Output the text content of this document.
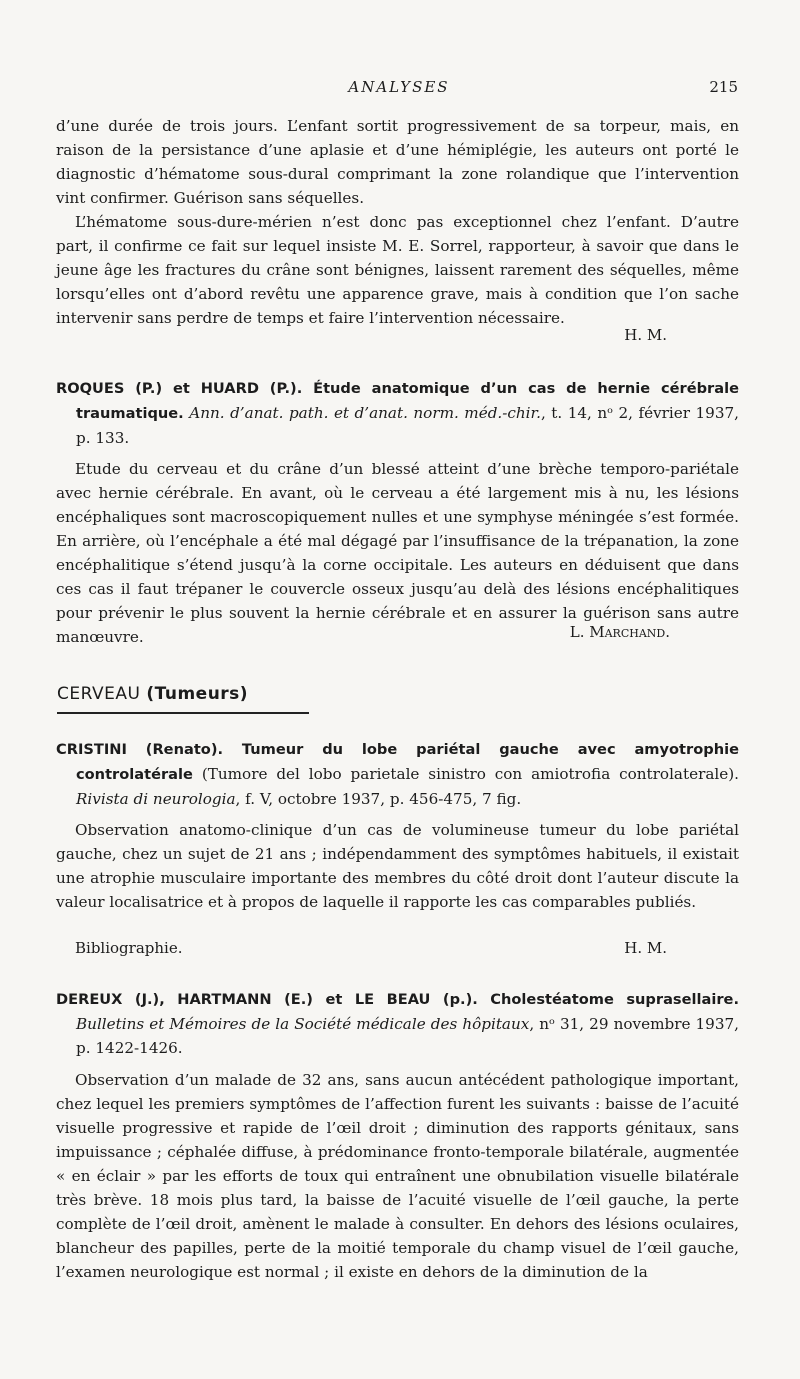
ANALYSES	215

d’une durée de trois jours. L’enfant sortit progressivement de sa torpeur, mais, en raison de la persistance d’une aplasie et d’une hémiplégie, les auteurs ont porté le diagnostic d’hématome sous-dural comprimant la zone rolandique que l’intervention vint confirmer. Guérison sans séquelles.

L’hématome sous-dure-mérien n’est donc pas exceptionnel chez l’enfant. D’autre part, il confirme ce fait sur lequel insiste M. E. Sorrel, rapporteur, à savoir que dans le jeune âge les fractures du crâne sont bénignes, laissent rarement des séquelles, même lorsqu’elles ont d’abord revêtu une apparence grave, mais à condition que l’on sache intervenir sans perdre de temps et faire l’intervention nécessaire.

H. M.

ROQUES (P.) et HUARD (P.). Étude anatomique d’un cas de hernie cérébrale traumatique. Ann. d’anat. path. et d’anat. norm. méd.-chir., t. 14, nᵒ 2, février 1937, p. 133.

Etude du cerveau et du crâne d’un blessé atteint d’une brèche temporo-pariétale avec hernie cérébrale. En avant, où le cerveau a été largement mis à nu, les lésions encéphaliques sont macroscopiquement nulles et une symphyse méningée s’est formée. En arrière, où l’encéphale a été mal dégagé par l’insuffisance de la trépanation, la zone encéphalitique s’étend jusqu’à la corne occipitale. Les auteurs en déduisent que dans ces cas il faut trépaner le couvercle osseux jusqu’au delà des lésions encéphalitiques pour prévenir le plus souvent la hernie cérébrale et en assurer la guérison sans autre manœuvre.	L. Marchand.
CERVEAU (Tumeurs)

CRISTINI (Renato). Tumeur du lobe pariétal gauche avec amyotrophie controlatérale (Tumore del lobo parietale sinistro con amiotrofia controlaterale). Rivista di neurologia, f. V, octobre 1937, p. 456-475, 7 fig.

Observation anatomo-clinique d’un cas de volumineuse tumeur du lobe pariétal gauche, chez un sujet de 21 ans ; indépendamment des symptômes habituels, il existait une atrophie musculaire importante des membres du côté droit dont l’auteur discute la valeur localisatrice et à propos de laquelle il rapporte les cas comparables publiés.

Bibliographie.	H. M.

DEREUX (J.), HARTMANN (E.) et LE BEAU (p.). Cholestéatome suprasellaire. Bulletins et Mémoires de la Société médicale des hôpitaux, nᵒ 31, 29 novembre 1937, p. 1422-1426.

Observation d’un malade de 32 ans, sans aucun antécédent pathologique important, chez lequel les premiers symptômes de l’affection furent les suivants : baisse de l’acuité visuelle progressive et rapide de l’œil droit ; diminution des rapports génitaux, sans impuissance ; céphalée diffuse, à prédominance fronto-temporale bilatérale, augmentée « en éclair » par les efforts de toux qui entraînent une obnubilation visuelle bilatérale très brève. 18 mois plus tard, la baisse de l’acuité visuelle de l’œil gauche, la perte complète de l’œil droit, amènent le malade à consulter. En dehors des lésions oculaires, blancheur des papilles, perte de la moitié temporale du champ visuel de l’œil gauche, l’examen neurologique est normal ; il existe en dehors de la diminution de la
